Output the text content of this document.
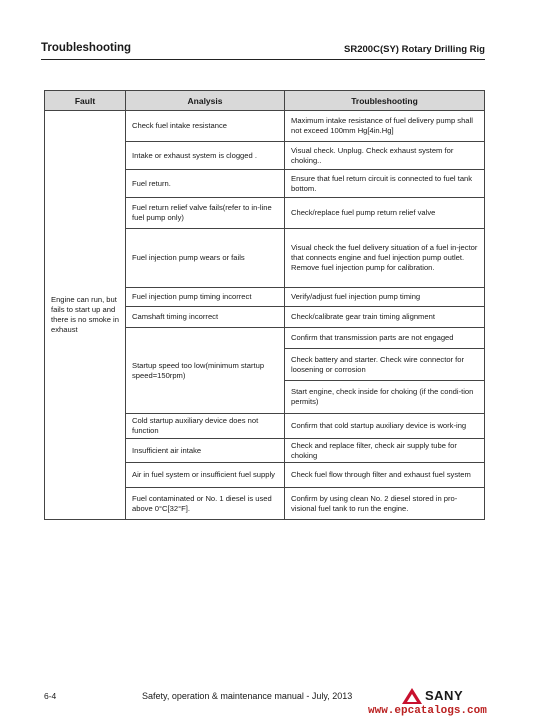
Troubleshooting	SR200C(SY) Rotary Drilling Rig
Fault	Analysis	Troubleshooting
Engine can run, but fails to start up and there is no smoke in exhaust	Check fuel intake resistance	Maximum intake resistance of fuel delivery pump shall not exceed 100mm Hg[4in.Hg]
	Intake or exhaust system is clogged .	Visual check. Unplug. Check exhaust system for choking..
	Fuel return.	Ensure that fuel return circuit is connected to fuel tank bottom.
	Fuel return relief valve fails(refer to in-line fuel pump only)	Check/replace fuel pump return relief valve
	Fuel injection pump wears or fails	Visual check the fuel delivery situation of a fuel in-jector that connects engine and fuel injection pump outlet. Remove fuel injection pump for calibration.
	Fuel injection pump timing incorrect	Verify/adjust fuel injection pump timing
	Camshaft timing incorrect	Check/calibrate gear train timing alignment
	Startup speed too low(minimum startup speed=150rpm)	Confirm that transmission parts are not engaged
		Check battery and starter. Check wire connector for loosening or corrosion
		Start engine, check inside for choking (if the condi-tion permits)
	Cold startup auxiliary device does not function	Confirm that cold startup auxiliary device is work-ing
	Insufficient air intake	Check and replace filter, check air supply tube for choking
	Air in fuel system or insufficient fuel supply	Check fuel flow through filter and exhaust fuel system
	Fuel contaminated or No. 1 diesel is used above 0°C[32°F].	Confirm by using clean No. 2 diesel stored in pro-visional fuel tank to run the engine.
6-4	Safety, operation & maintenance manual - July, 2013	SANY
www.epcatalogs.com
